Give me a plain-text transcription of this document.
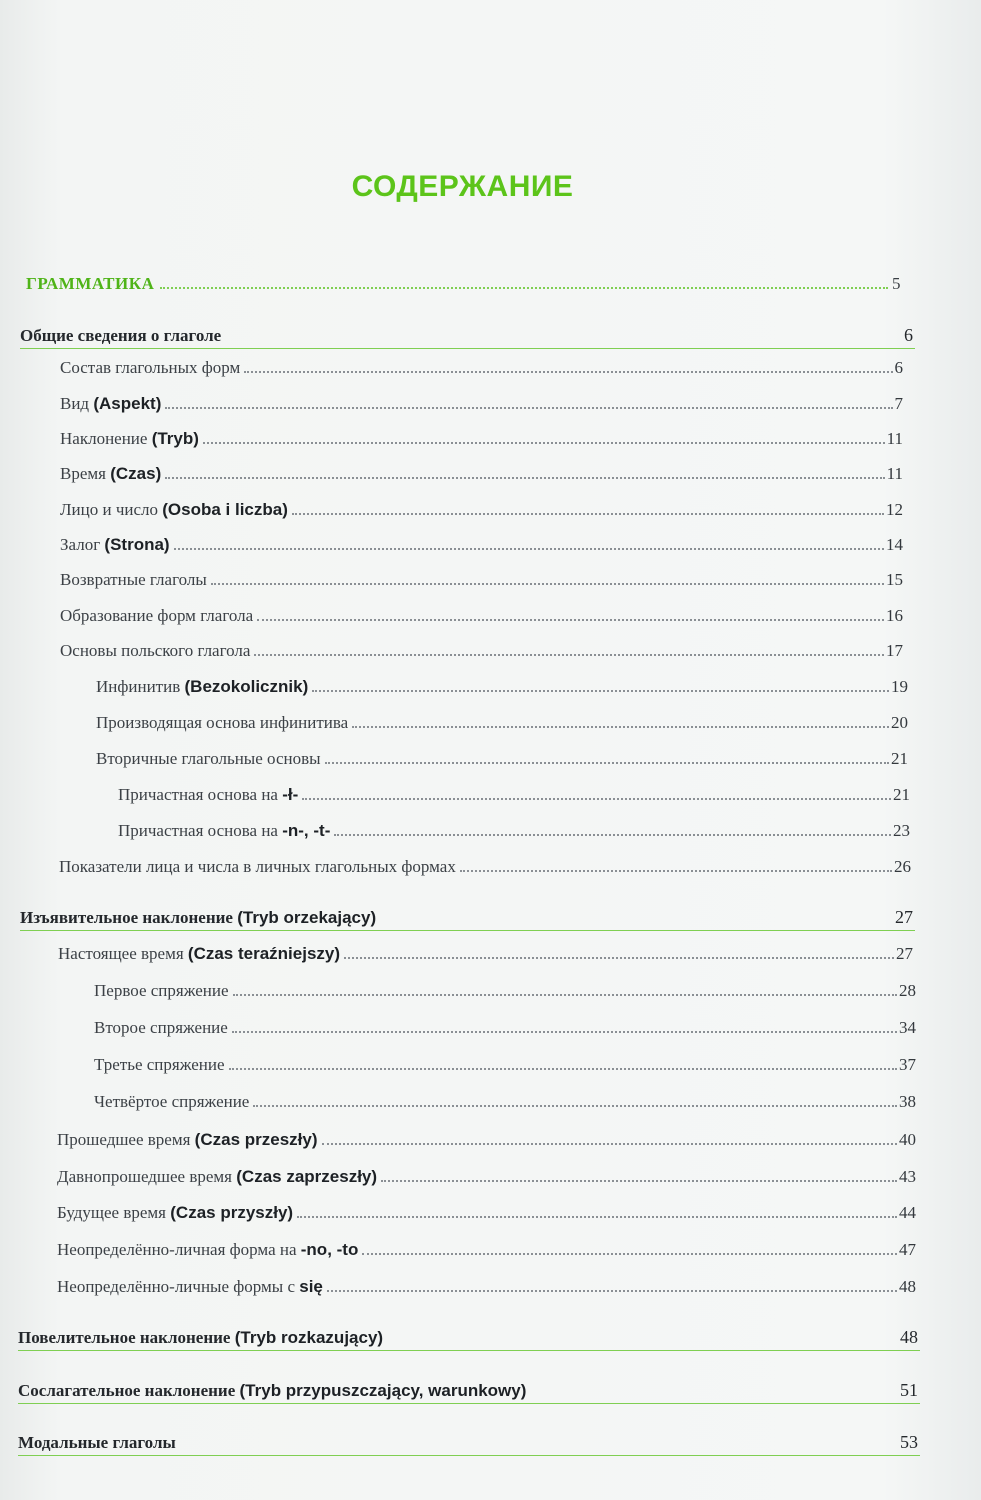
СОДЕРЖАНИЕ
ГРАММАТИКА	5
Общие сведения о глаголе	6
Состав глагольных форм	6
Вид (Aspekt)	7
Наклонение (Tryb)	11
Время (Czas)	11
Лицо и число (Osoba i liczba)	12
Залог (Strona)	14
Возвратные глаголы	15
Образование форм глагола	16
Основы польского глагола	17
Инфинитив (Bezokolicznik)	19
Производящая основа инфинитива	20
Вторичные глагольные основы	21
Причастная основа на -ł-	21
Причастная основа на -n-, -t-	23
Показатели лица и числа в личных глагольных формах	26
Изъявительное наклонение (Tryb orzekający)	27
Настоящее время (Czas teraźniejszy)	27
Первое спряжение	28
Второе спряжение	34
Третье спряжение	37
Четвёртое спряжение	38
Прошедшее время (Czas przeszły)	40
Давнопрошедшее время (Czas zaprzeszły)	43
Будущее время (Czas przyszły)	44
Неопределённо-личная форма на -no, -to	47
Неопределённо-личные формы с się	48
Повелительное наклонение (Tryb rozkazujący)	48
Сослагательное наклонение (Tryb przypuszczający, warunkowy)	51
Модальные глаголы	53
